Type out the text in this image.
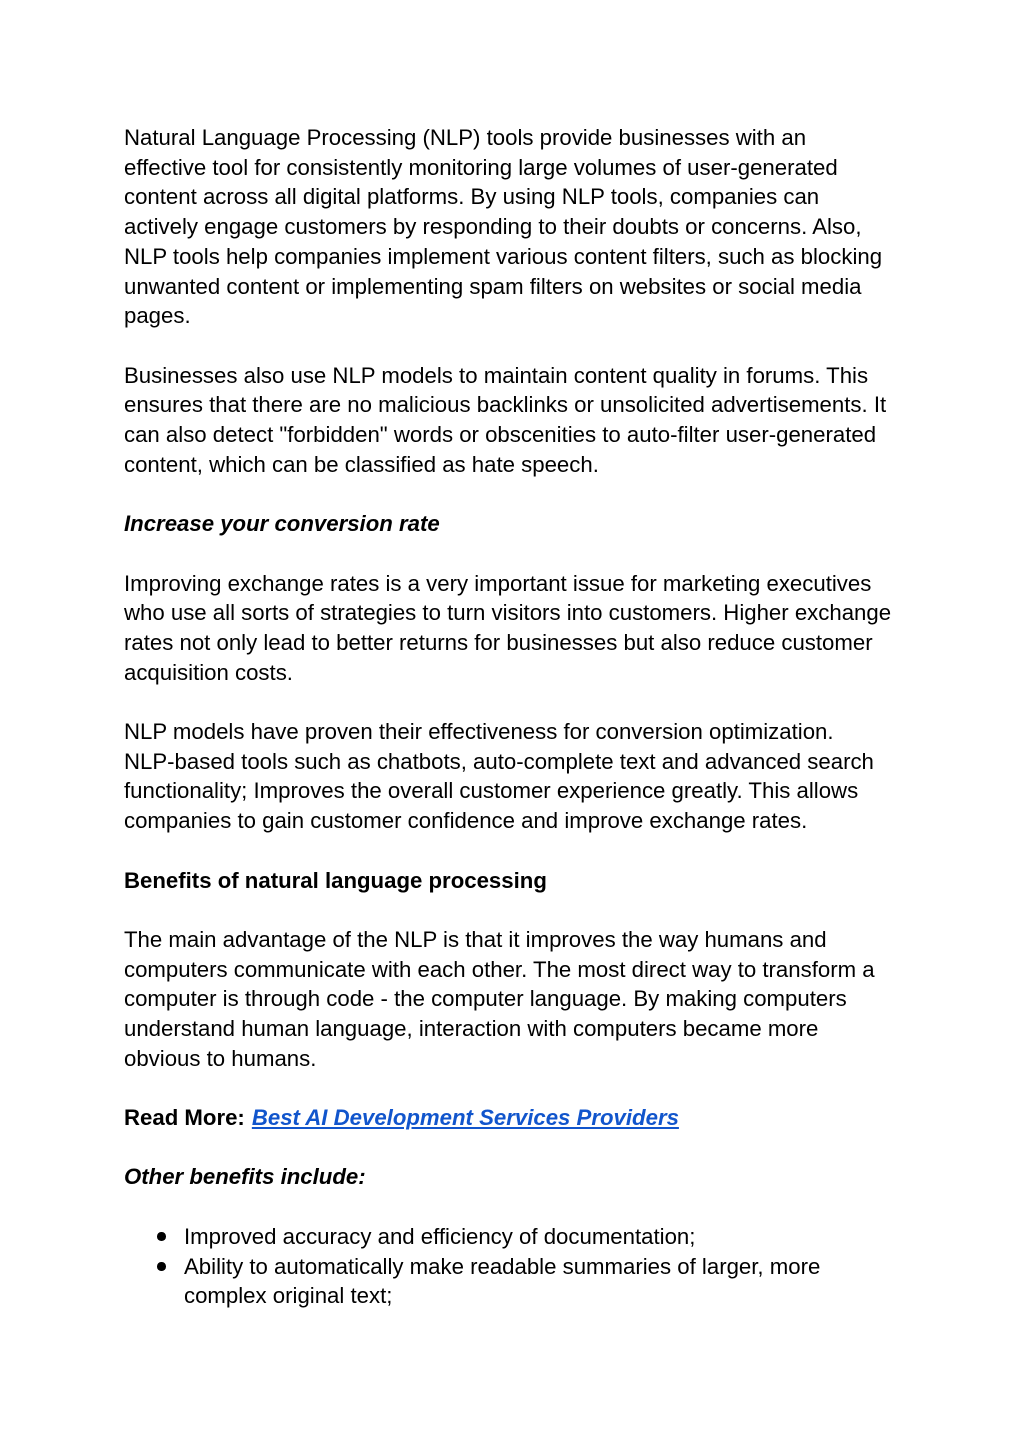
Natural Language Processing (NLP) tools provide businesses with an
effective tool for consistently monitoring large volumes of user-generated
content across all digital platforms. By using NLP tools, companies can
actively engage customers by responding to their doubts or concerns. Also,
NLP tools help companies implement various content filters, such as blocking
unwanted content or implementing spam filters on websites or social media
pages.
Businesses also use NLP models to maintain content quality in forums. This
ensures that there are no malicious backlinks or unsolicited advertisements. It
can also detect "forbidden" words or obscenities to auto-filter user-generated
content, which can be classified as hate speech.
Increase your conversion rate
Improving exchange rates is a very important issue for marketing executives
who use all sorts of strategies to turn visitors into customers. Higher exchange
rates not only lead to better returns for businesses but also reduce customer
acquisition costs.
NLP models have proven their effectiveness for conversion optimization.
NLP-based tools such as chatbots, auto-complete text and advanced search
functionality; Improves the overall customer experience greatly. This allows
companies to gain customer confidence and improve exchange rates.
Benefits of natural language processing
The main advantage of the NLP is that it improves the way humans and
computers communicate with each other. The most direct way to transform a
computer is through code - the computer language. By making computers
understand human language, interaction with computers became more
obvious to humans.
Read More: Best AI Development Services Providers
Other benefits include:
Improved accuracy and efficiency of documentation;
Ability to automatically make readable summaries of larger, more
complex original text;
